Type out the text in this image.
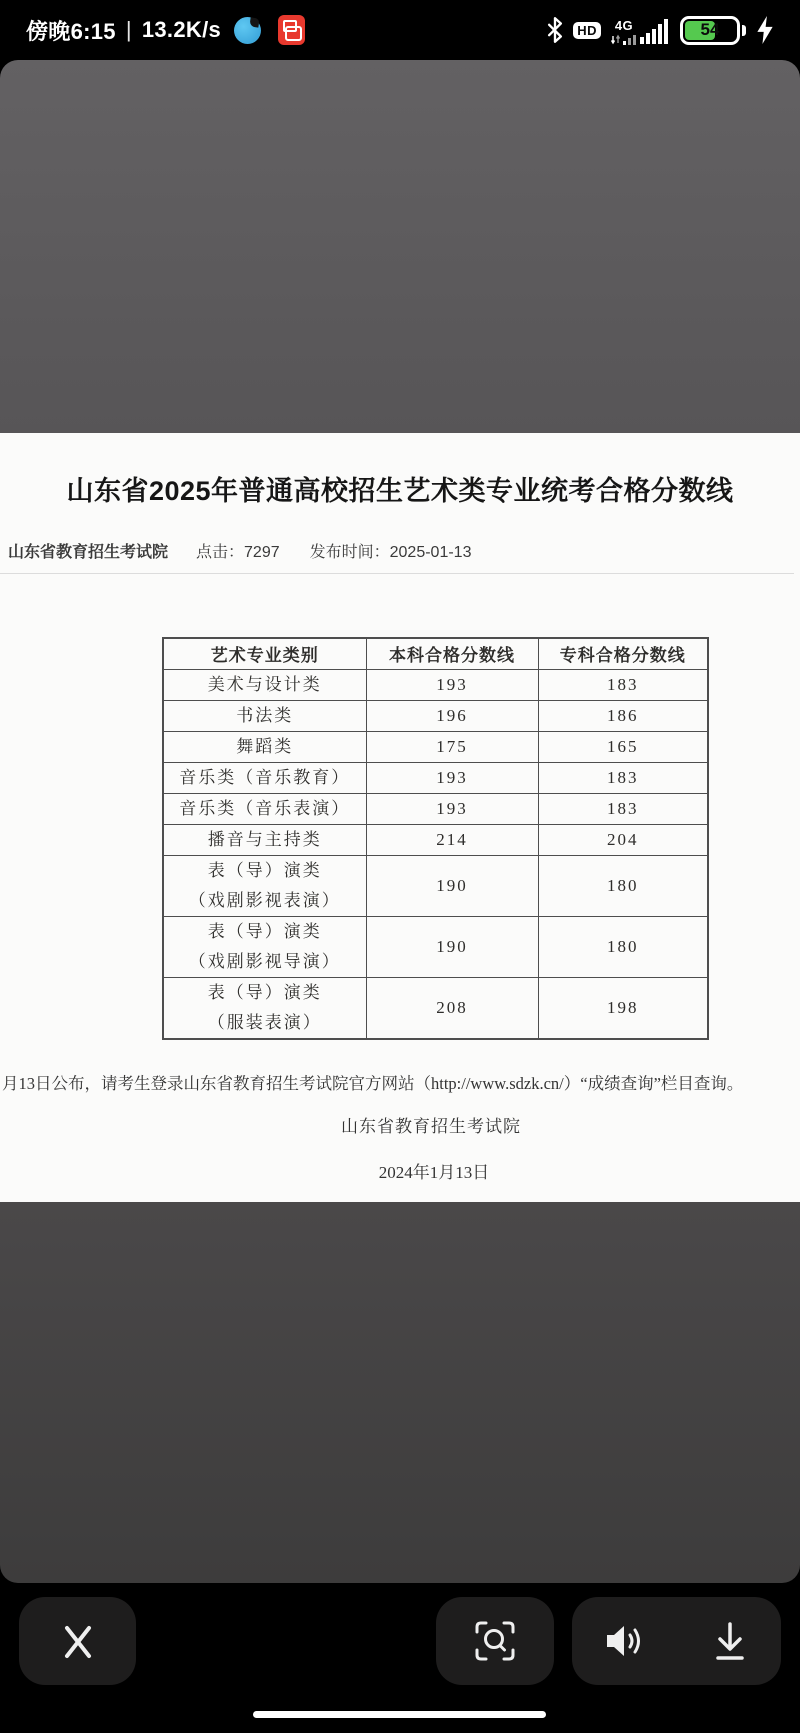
傍晚6:15 | 13.2K/s	HD	4G	54
山东省2025年普通高校招生艺术类专业统考合格分数线
山东省教育招生考试院 点击：7297 发布时间：2025-01-13
艺术专业类别	本科合格分数线	专科合格分数线

美术与设计类	193	183

书法类	196	186

舞蹈类	175	165

音乐类（音乐教育）	193	183

音乐类（音乐表演）	193	183

播音与主持类	214	204

表（导）演类
（戏剧影视表演）	190	180

表（导）演类
（戏剧影视导演）	190	180

表（导）演类
（服装表演）	208	198
月13日公布，请考生登录山东省教育招生考试院官方网站（http://www.sdzk.cn/）“成绩查询”栏目查询。
山东省教育招生考试院
2024年1月13日
